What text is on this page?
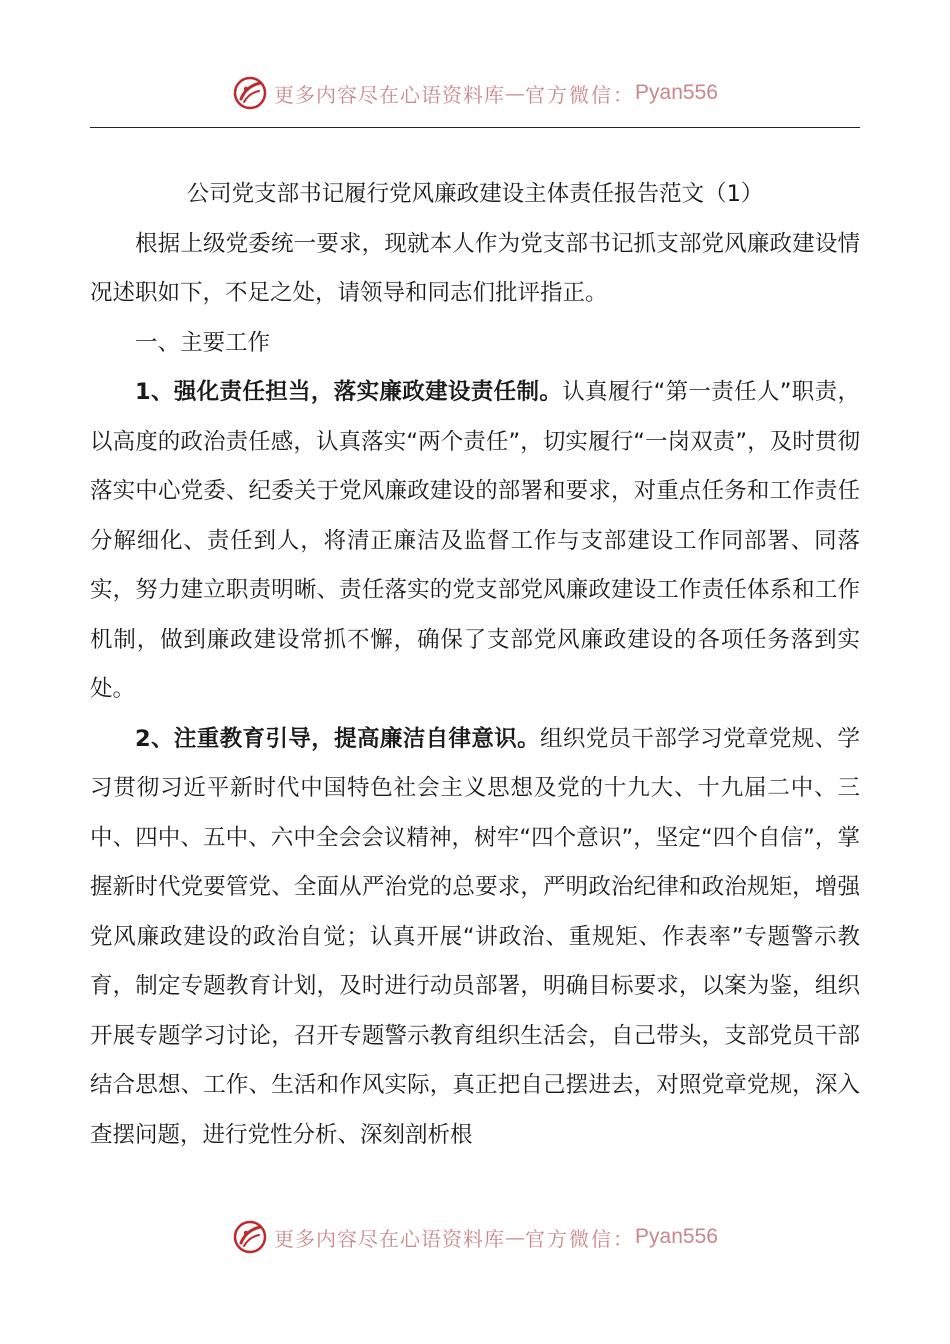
更多内容尽在心语资料库 — 官方微信： Pyan556

公司党支部书记履行党风廉政建设主体责任报告范文（1）

根据上级党委统一要求，现就本人作为党支部书记抓支部党风廉政建设情况述职如下，不足之处，请领导和同志们批评指正。

一、主要工作

1、强化责任担当，落实廉政建设责任制。认真履行“第一责任人”职责，以高度的政治责任感，认真落实“两个责任”，切实履行“一岗双责”，及时贯彻落实中心党委、纪委关于党风廉政建设的部署和要求，对重点任务和工作责任分解细化、责任到人，将清正廉洁及监督工作与支部建设工作同部署、同落实，努力建立职责明晰、责任落实的党支部党风廉政建设工作责任体系和工作机制，做到廉政建设常抓不懈，确保了支部党风廉政建设的各项任务落到实处。

2、注重教育引导，提高廉洁自律意识。组织党员干部学习党章党规、学习贯彻习近平新时代中国特色社会主义思想及党的十九大、十九届二中、三中、四中、五中、六中全会会议精神，树牢“四个意识”，坚定“四个自信”，掌握新时代党要管党、全面从严治党的总要求，严明政治纪律和政治规矩，增强党风廉政建设的政治自觉；认真开展“讲政治、重规矩、作表率”专题警示教育，制定专题教育计划，及时进行动员部署，明确目标要求，以案为鉴，组织开展专题学习讨论，召开专题警示教育组织生活会，自己带头，支部党员干部结合思想、工作、生活和作风实际，真正把自己摆进去，对照党章党规，深入查摆问题，进行党性分析、深刻剖析根

更多内容尽在心语资料库 — 官方微信： Pyan556
